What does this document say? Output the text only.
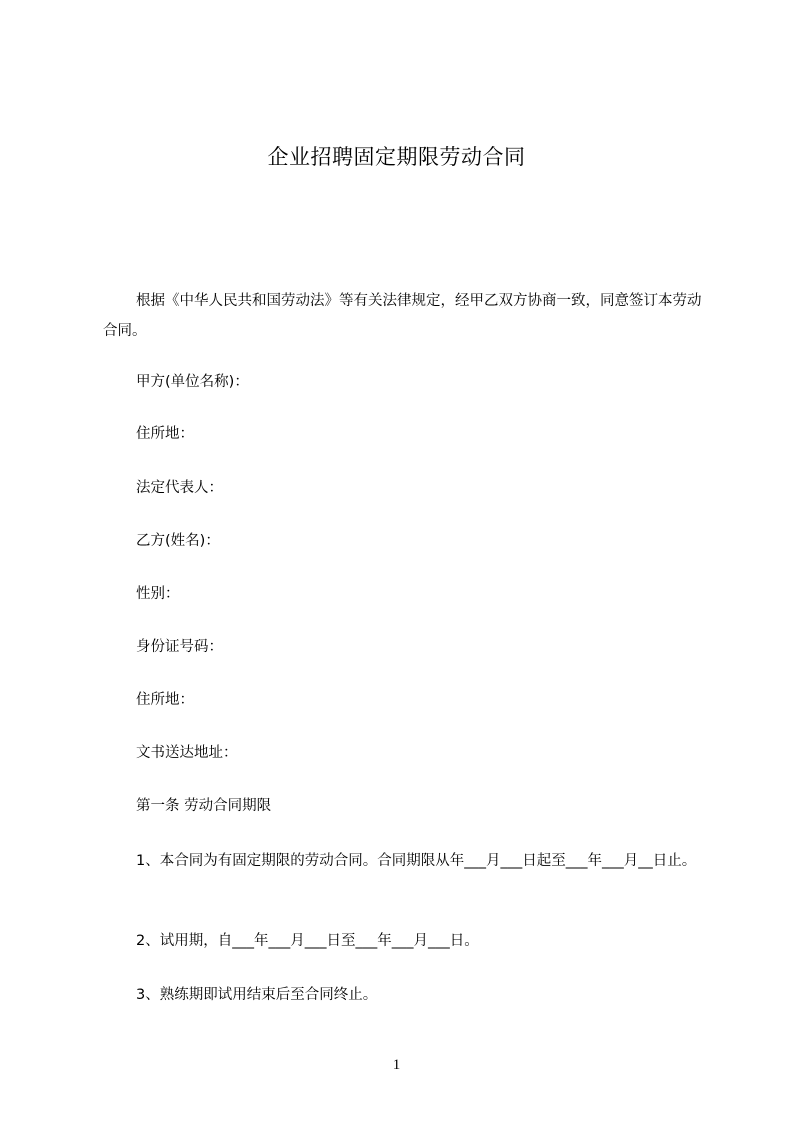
企业招聘固定期限劳动合同

根据《中华人民共和国劳动法》等有关法律规定，经甲乙双方协商一致，同意签订本劳动合同。

甲方(单位名称)：

住所地：

法定代表人：

乙方(姓名)：

性别：

身份证号码：

住所地：

文书送达地址：

第一条 劳动合同期限

1、本合同为有固定期限的劳动合同。合同期限从年___月___日起至___年___月__日止。

2、试用期，自___年___月___日至___年___月___日。

3、熟练期即试用结束后至合同终止。

1
